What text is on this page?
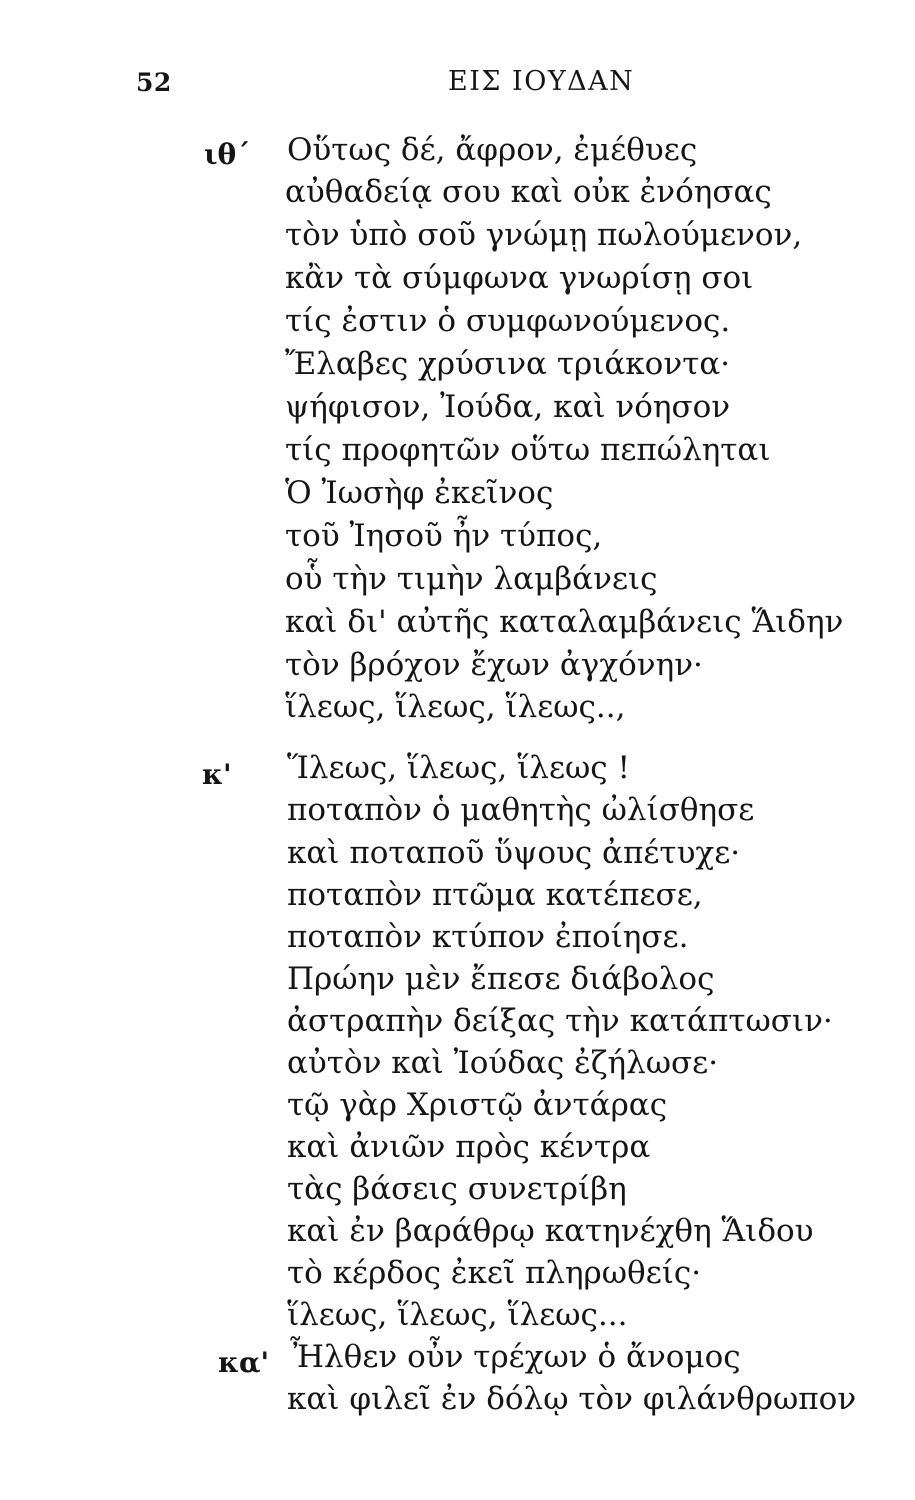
52	ΕΙΣ ΙΟΥΔΑΝ
ιθ΄ Οὕτως δέ, ἄφρον, ἐμέθυες
αὐθαδείᾳ σου καὶ οὐκ ἐνόησας
τὸν ὑπὸ σοῦ γνώμῃ πωλούμενον,
κἂν τὰ σύμφωνα γνωρίσῃ σοι
τίς ἐστιν ὁ συμφωνούμενος.
Ἔλαβες χρύσινα τριάκοντα·
ψήφισον, Ἰούδα, καὶ νόησον
τίς προφητῶν οὕτω πεπώληται
Ὁ Ἰωσὴφ ἐκεῖνος
τοῦ Ἰησοῦ ἦν τύπος,
οὗ τὴν τιμὴν λαμβάνεις
καὶ δι' αὐτῆς καταλαμβάνεις Ἅιδην
τὸν βρόχον ἔχων ἀγχόνην·
ἵλεως, ἵλεως, ἵλεως..,
κ' Ἵλεως, ἵλεως, ἵλεως !
ποταπὸν ὁ μαθητὴς ὠλίσθησε
καὶ ποταποῦ ὕψους ἀπέτυχε·
ποταπὸν πτῶμα κατέπεσε,
ποταπὸν κτύπον ἐποίησε.
Πρώην μὲν ἔπεσε διάβολος
ἀστραπὴν δείξας τὴν κατάπτωσιν·
αὐτὸν καὶ Ἰούδας ἐζήλωσε·
τῷ γὰρ Χριστῷ ἀντάρας
καὶ ἀνιῶν πρὸς κέντρα
τὰς βάσεις συνετρίβη
καὶ ἐν βαράθρῳ κατηνέχθη Ἅιδου
τὸ κέρδος ἐκεῖ πληρωθείς·
ἵλεως, ἵλεως, ἵλεως...
κα' Ἦλθεν οὖν τρέχων ὁ ἄνομος
καὶ φιλεῖ ἐν δόλῳ τὸν φιλάνθρωπον
